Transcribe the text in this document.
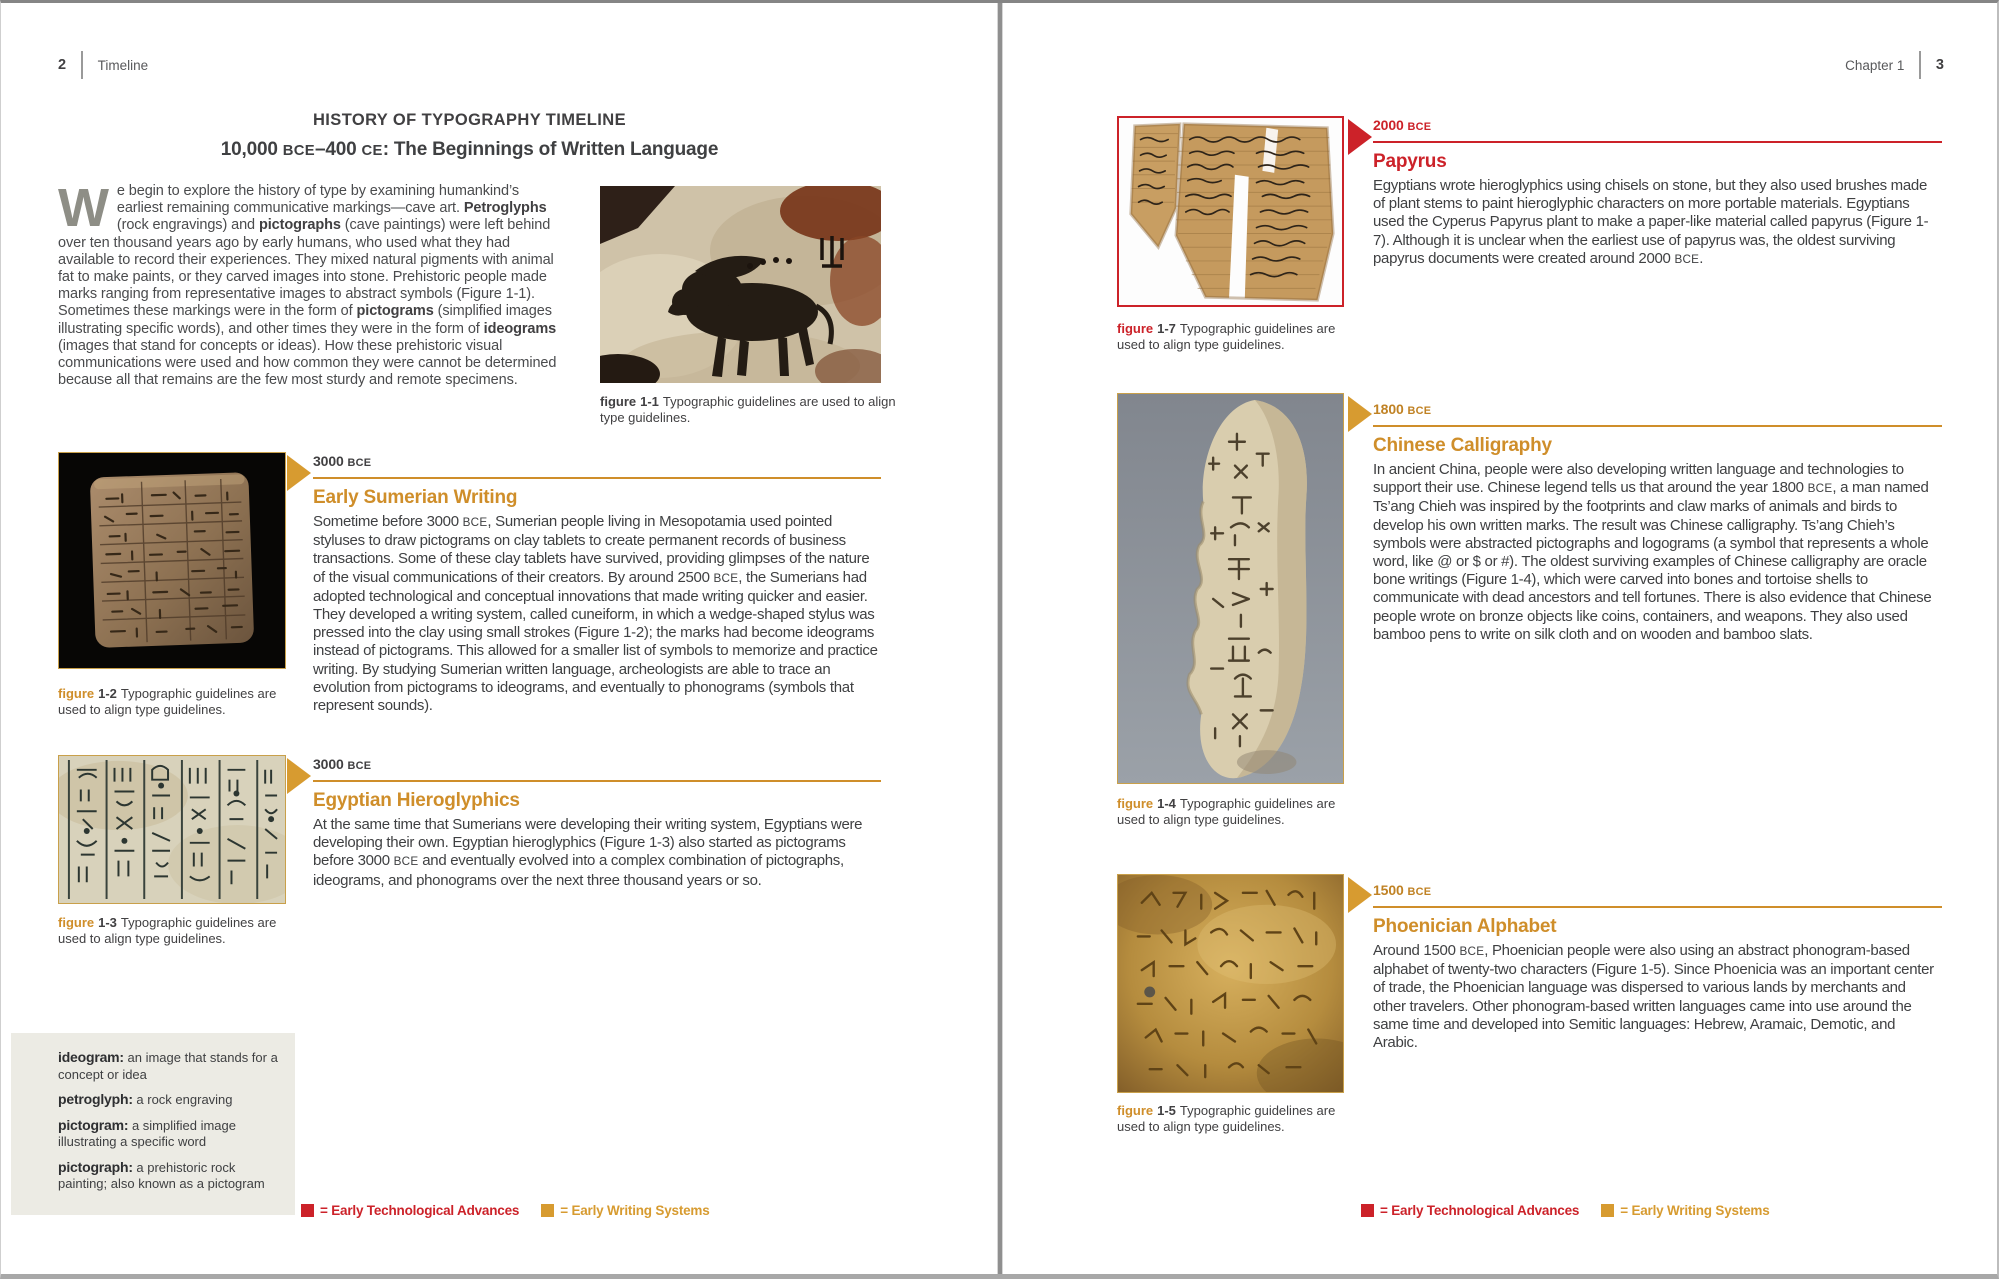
2 Timeline
HISTORY OF TYPOGRAPHY TIMELINE
10,000 BCE–400 CE: The Beginnings of Written Language
We begin to explore the history of type by examining humankind’s earliest remaining communicative markings—cave art. Petroglyphs (rock engravings) and pictographs (cave paintings) were left behind over ten thousand years ago by early humans, who used what they had available to record their experiences. They mixed natural pigments with animal fat to make paints, or they carved images into stone. Prehistoric people made marks ranging from representative images to abstract symbols (Figure 1-1). Sometimes these markings were in the form of pictograms (simplified images illustrating specific words), and other times they were in the form of ideograms (images that stand for concepts or ideas). How these prehistoric visual communications were used and how common they were cannot be determined because all that remains are the few most sturdy and remote specimens.
figure 1-1 Typographic guidelines are used to align type guidelines.
3000 BCE
Early Sumerian Writing
Sometime before 3000 BCE, Sumerian people living in Mesopotamia used pointed styluses to draw pictograms on clay tablets to create permanent records of business transactions. Some of these clay tablets have survived, providing glimpses of the nature of the visual communications of their creators. By around 2500 BCE, the Sumerians had adopted technological and conceptual innovations that made writing quicker and easier. They developed a writing system, called cuneiform, in which a wedge-shaped stylus was pressed into the clay using small strokes (Figure 1-2); the marks had become ideograms instead of pictograms. This allowed for a smaller list of symbols to memorize and practice writing. By studying Sumerian written language, archeologists are able to trace an evolution from pictograms to ideograms, and eventually to phonograms (symbols that represent sounds).
figure 1-2 Typographic guidelines are used to align type guidelines.
3000 BCE
Egyptian Hieroglyphics
At the same time that Sumerians were developing their writing system, Egyptians were developing their own. Egyptian hieroglyphics (Figure 1-3) also started as pictograms before 3000 BCE and eventually evolved into a complex combination of pictographs, ideograms, and phonograms over the next three thousand years or so.
figure 1-3 Typographic guidelines are used to align type guidelines.
ideogram: an image that stands for a concept or idea
petroglyph: a rock engraving
pictogram: a simplified image illustrating a specific word
pictograph: a prehistoric rock painting; also known as a pictogram
= Early Technological Advances	= Early Writing Systems
Chapter 1 3
2000 BCE
Papyrus
Egyptians wrote hieroglyphics using chisels on stone, but they also used brushes made of plant stems to paint hieroglyphic characters on more portable materials. Egyptians used the Cyperus Papyrus plant to make a paper-like material called papyrus (Figure 1-7). Although it is unclear when the earliest use of papyrus was, the oldest surviving papyrus documents were created around 2000 BCE.
figure 1-7 Typographic guidelines are used to align type guidelines.
1800 BCE
Chinese Calligraphy
In ancient China, people were also developing written language and technologies to support their use. Chinese legend tells us that around the year 1800 BCE, a man named Ts’ang Chieh was inspired by the footprints and claw marks of animals and birds to develop his own written marks. The result was Chinese calligraphy. Ts’ang Chieh’s symbols were abstracted pictographs and logograms (a symbol that represents a whole word, like @ or $ or #). The oldest surviving examples of Chinese calligraphy are oracle bone writings (Figure 1-4), which were carved into bones and tortoise shells to communicate with dead ancestors and tell fortunes. There is also evidence that Chinese people wrote on bronze objects like coins, containers, and weapons. They also used bamboo pens to write on silk cloth and on wooden and bamboo slats.
figure 1-4 Typographic guidelines are used to align type guidelines.
1500 BCE
Phoenician Alphabet
Around 1500 BCE, Phoenician people were also using an abstract phonogram-based alphabet of twenty-two characters (Figure 1-5). Since Phoenicia was an important center of trade, the Phoenician language was dispersed to various lands by merchants and other travelers. Other phonogram-based written languages came into use around the same time and developed into Semitic languages: Hebrew, Aramaic, Demotic, and Arabic.
figure 1-5 Typographic guidelines are used to align type guidelines.
= Early Technological Advances	= Early Writing Systems
